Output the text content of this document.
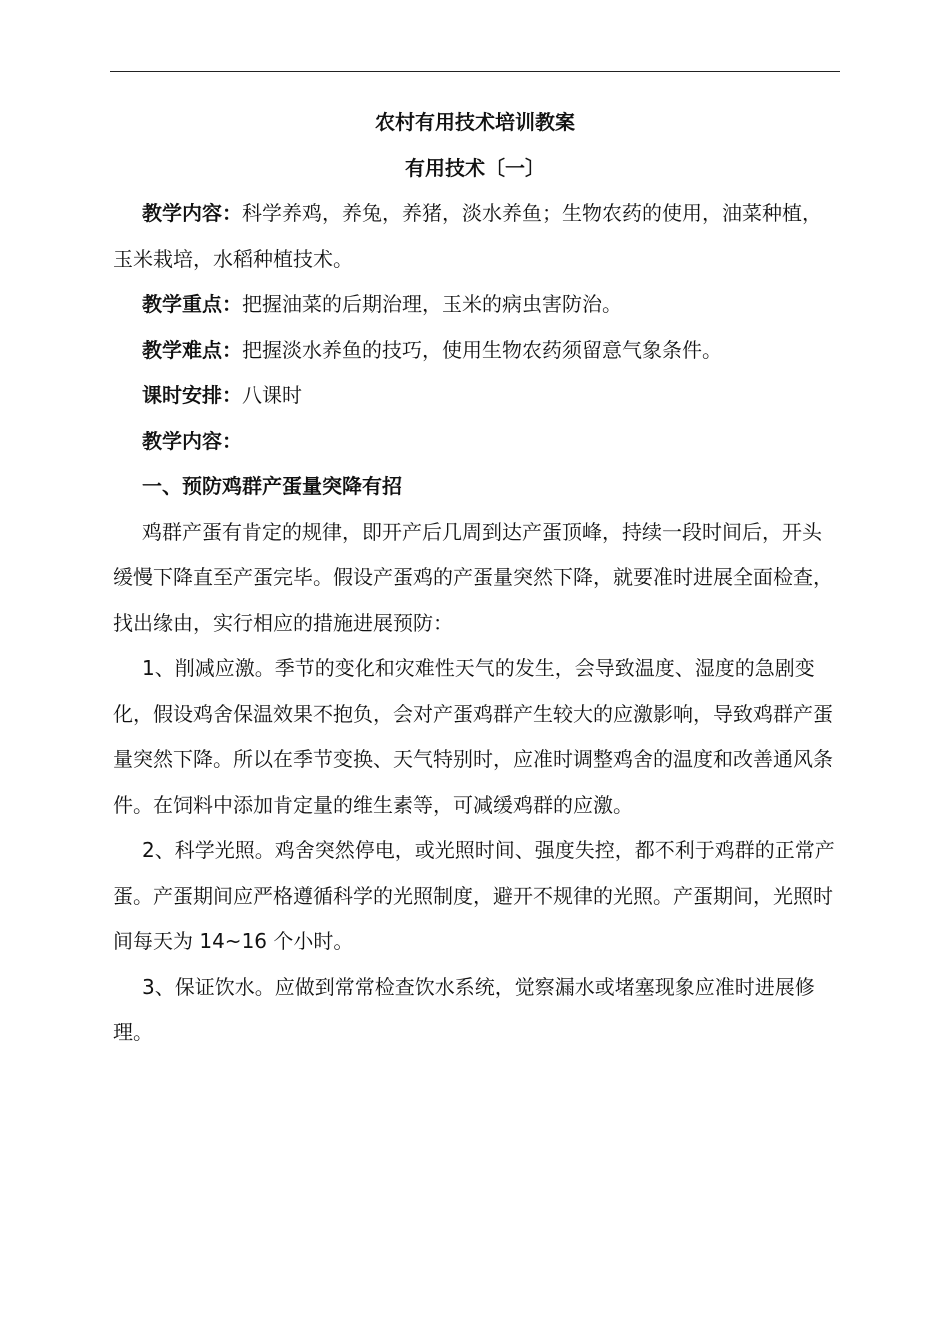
农村有用技术培训教案

有用技术〔一〕

教学内容：科学养鸡，养兔，养猪，淡水养鱼；生物农药的使用，油菜种植，玉米栽培，水稻种植技术。

教学重点：把握油菜的后期治理，玉米的病虫害防治。

教学难点：把握淡水养鱼的技巧，使用生物农药须留意气象条件。

课时安排：八课时

教学内容：

一、预防鸡群产蛋量突降有招

鸡群产蛋有肯定的规律，即开产后几周到达产蛋顶峰，持续一段时间后，开头缓慢下降直至产蛋完毕。假设产蛋鸡的产蛋量突然下降，就要准时进展全面检查，找出缘由，实行相应的措施进展预防：

1、削减应激。季节的变化和灾难性天气的发生，会导致温度、湿度的急剧变化，假设鸡舍保温效果不抱负，会对产蛋鸡群产生较大的应激影响，导致鸡群产蛋量突然下降。所以在季节变换、天气特别时，应准时调整鸡舍的温度和改善通风条件。在饲料中添加肯定量的维生素等，可减缓鸡群的应激。

2、科学光照。鸡舍突然停电，或光照时间、强度失控，都不利于鸡群的正常产蛋。产蛋期间应严格遵循科学的光照制度，避开不规律的光照。产蛋期间，光照时间每天为 14~16 个小时。

3、保证饮水。应做到常常检查饮水系统，觉察漏水或堵塞现象应准时进展修理。
